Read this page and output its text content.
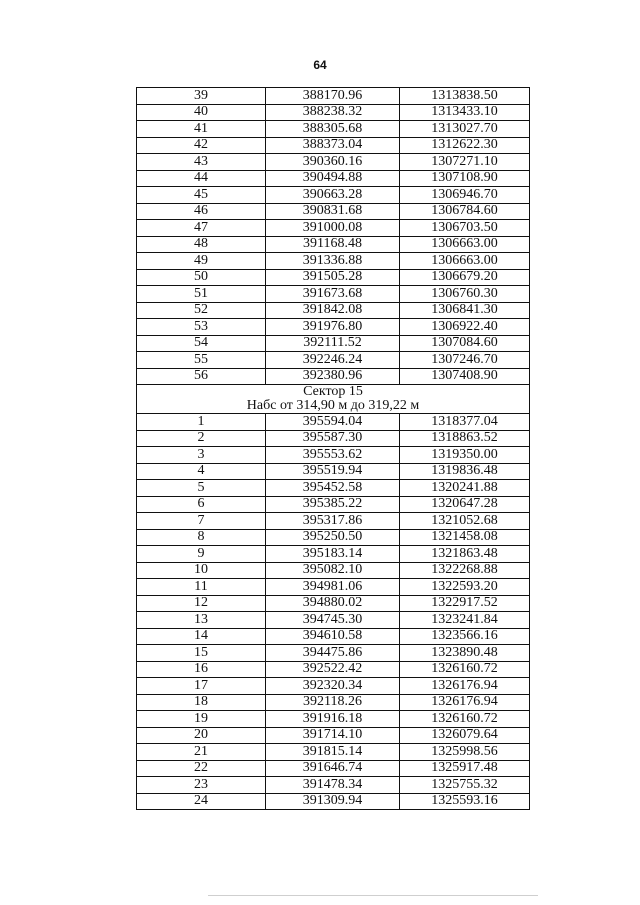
64
39	388170.96	1313838.50
40	388238.32	1313433.10
41	388305.68	1313027.70
42	388373.04	1312622.30
43	390360.16	1307271.10
44	390494.88	1307108.90
45	390663.28	1306946.70
46	390831.68	1306784.60
47	391000.08	1306703.50
48	391168.48	1306663.00
49	391336.88	1306663.00
50	391505.28	1306679.20
51	391673.68	1306760.30
52	391842.08	1306841.30
53	391976.80	1306922.40
54	392111.52	1307084.60
55	392246.24	1307246.70
56	392380.96	1307408.90

Сектор 15
Набс от 314,90 м до 319,22 м		

1	395594.04	1318377.04
2	395587.30	1318863.52
3	395553.62	1319350.00
4	395519.94	1319836.48
5	395452.58	1320241.88
6	395385.22	1320647.28
7	395317.86	1321052.68
8	395250.50	1321458.08
9	395183.14	1321863.48
10	395082.10	1322268.88
11	394981.06	1322593.20
12	394880.02	1322917.52
13	394745.30	1323241.84
14	394610.58	1323566.16
15	394475.86	1323890.48
16	392522.42	1326160.72
17	392320.34	1326176.94
18	392118.26	1326176.94
19	391916.18	1326160.72
20	391714.10	1326079.64
21	391815.14	1325998.56
22	391646.74	1325917.48
23	391478.34	1325755.32
24	391309.94	1325593.16
